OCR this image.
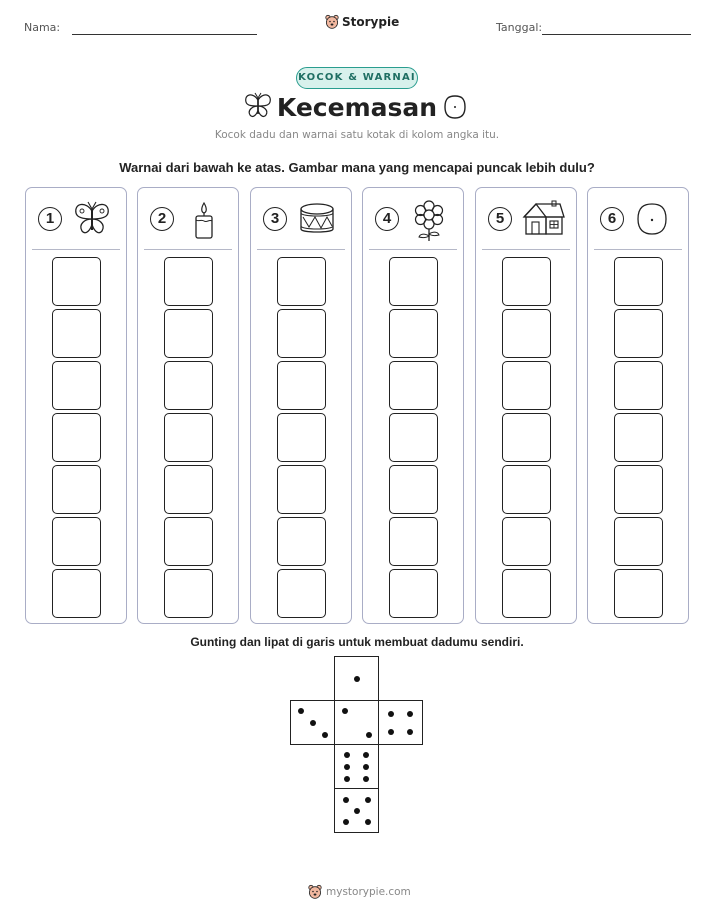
Nama:	Storypie	Tanggal:
KOCOK & WARNAI
Kecemasan
Kocok dadu dan warnai satu kotak di kolom angka itu.
Warnai dari bawah ke atas. Gambar mana yang mencapai puncak lebih dulu?
1	2	3	4	5	6
Gunting dan lipat di garis untuk membuat dadumu sendiri.
mystorypie.com
